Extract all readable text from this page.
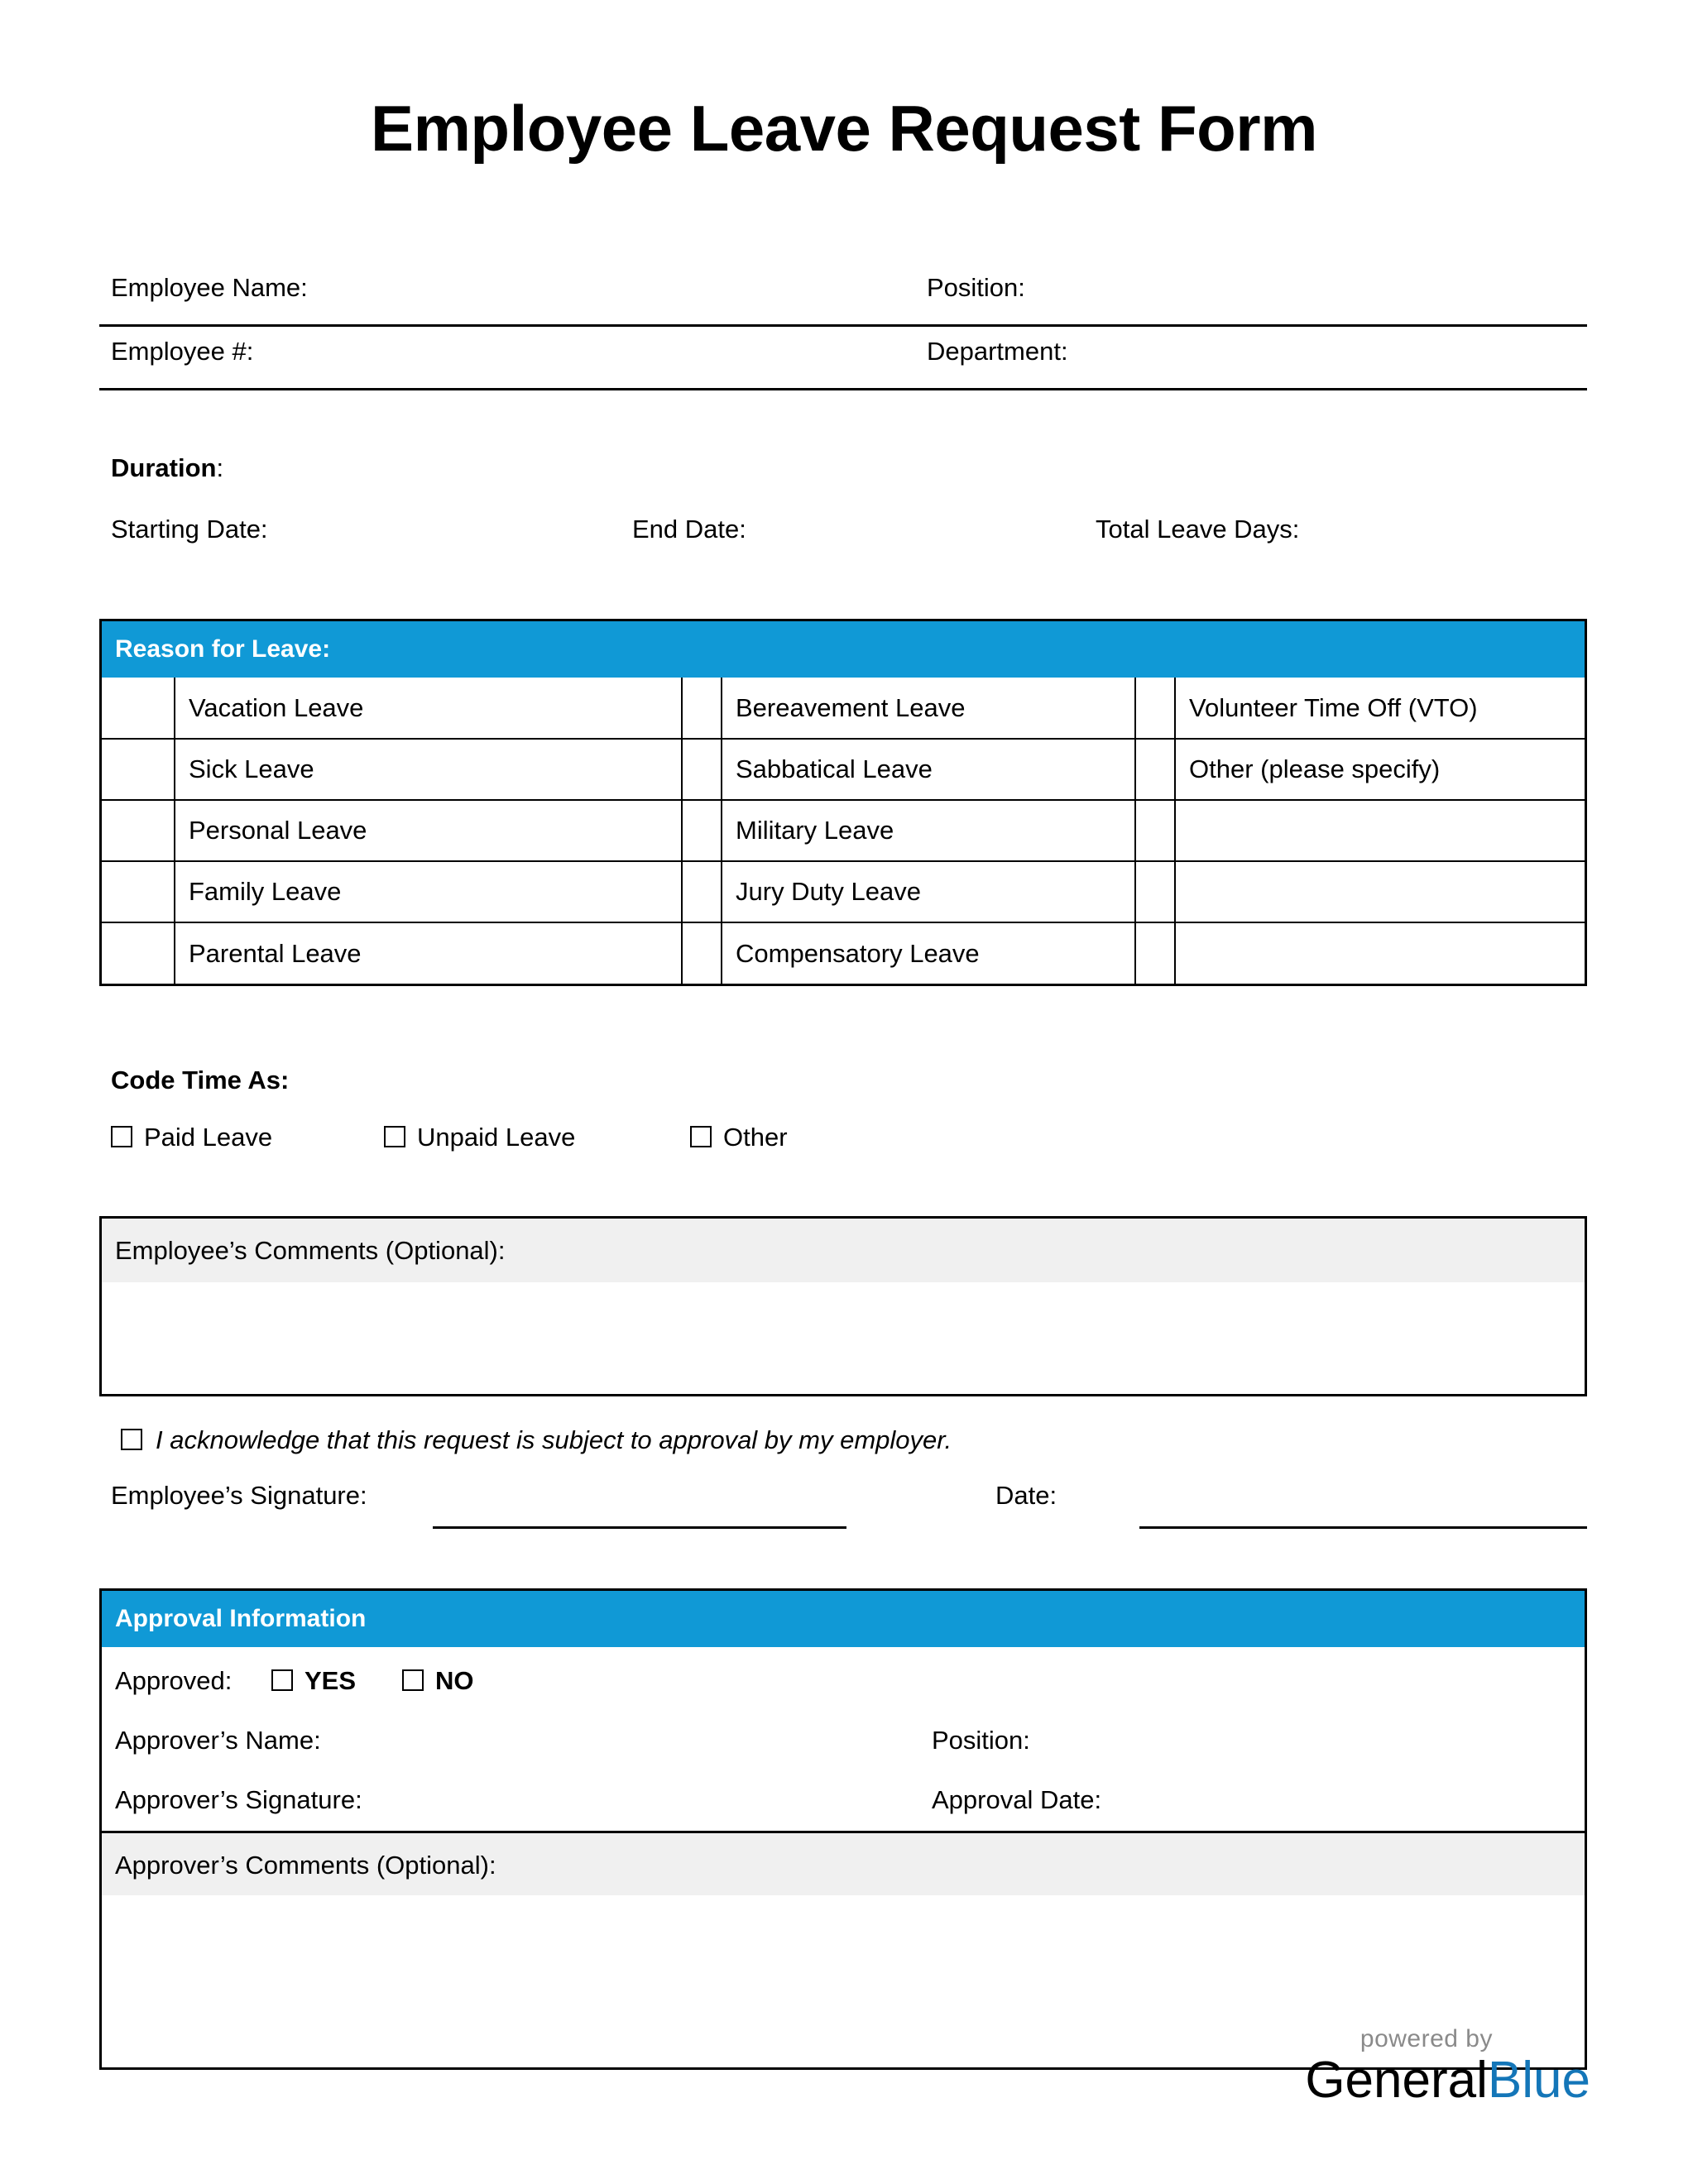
Employee Leave Request Form
Employee Name:	Position:
Employee #:	Department:
Duration:
Starting Date:	End Date:	Total Leave Days:
Reason for Leave:
	Vacation Leave		Bereavement Leave		Volunteer Time Off (VTO)
	Sick Leave		Sabbatical Leave		Other (please specify)
	Personal Leave		Military Leave		
	Family Leave		Jury Duty Leave		
	Parental Leave		Compensatory Leave		
Code Time As:
Paid Leave	Unpaid Leave	Other
Employee’s Comments (Optional):
I acknowledge that this request is subject to approval by my employer.
Employee’s Signature:	Date:
Approval Information
Approved:	YES	NO
Approver’s Name:	Position:
Approver’s Signature:	Approval Date:
Approver’s Comments (Optional):
powered by
GeneralBlue
